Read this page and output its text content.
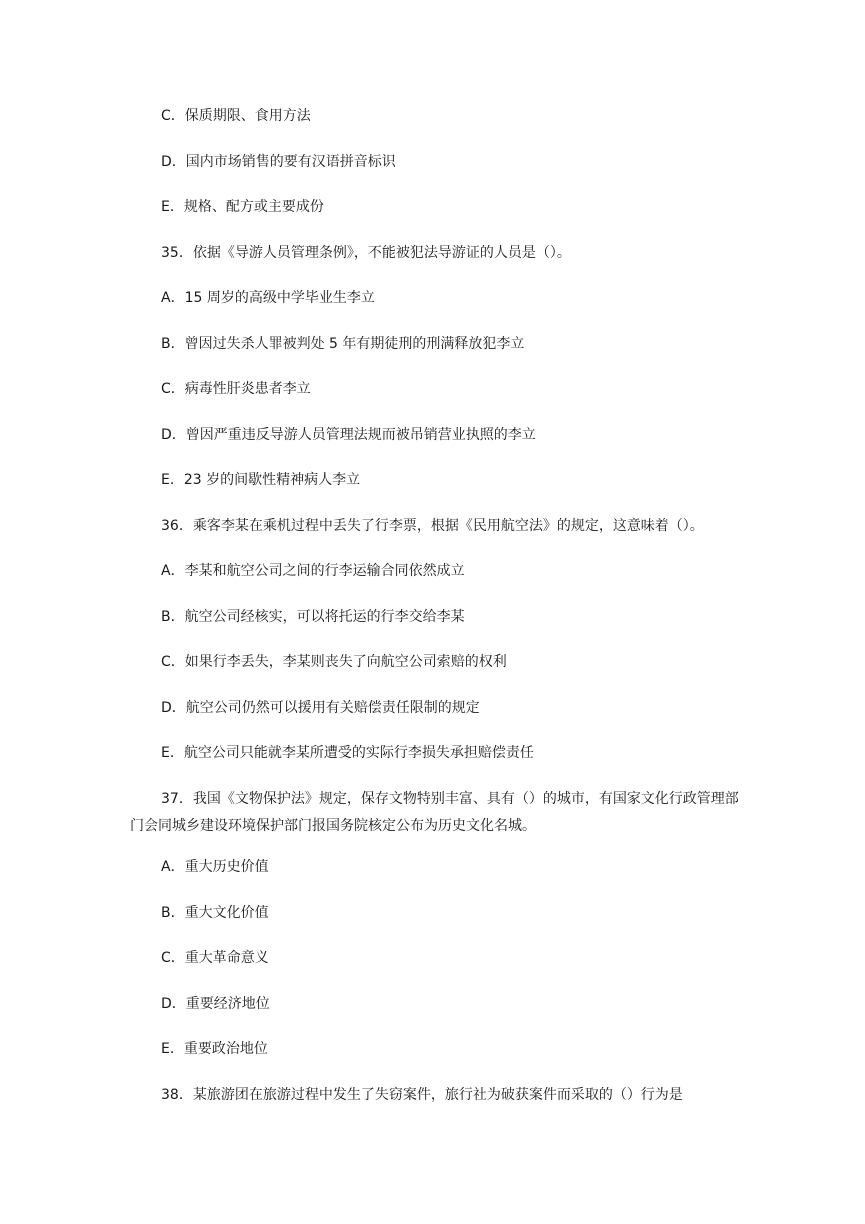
C．保质期限、食用方法

D．国内市场销售的要有汉语拼音标识

E．规格、配方或主要成份

35．依据《导游人员管理条例》，不能被犯法导游证的人员是（）。

A．15 周岁的高级中学毕业生李立

B．曾因过失杀人罪被判处 5 年有期徒刑的刑满释放犯李立

C．病毒性肝炎患者李立

D．曾因严重违反导游人员管理法规而被吊销营业执照的李立

E．23 岁的间歇性精神病人李立

36．乘客李某在乘机过程中丢失了行李票，根据《民用航空法》的规定，这意味着（）。

A．李某和航空公司之间的行李运输合同依然成立

B．航空公司经核实，可以将托运的行李交给李某

C．如果行李丢失，李某则丧失了向航空公司索赔的权利

D．航空公司仍然可以援用有关赔偿责任限制的规定

E．航空公司只能就李某所遭受的实际行李损失承担赔偿责任

37．我国《文物保护法》规定，保存文物特别丰富、具有（）的城市，有国家文化行政管理部门会同城乡建设环境保护部门报国务院核定公布为历史文化名城。

A．重大历史价值

B．重大文化价值

C．重大革命意义

D．重要经济地位

E．重要政治地位

38．某旅游团在旅游过程中发生了失窃案件，旅行社为破获案件而采取的（）行为是
